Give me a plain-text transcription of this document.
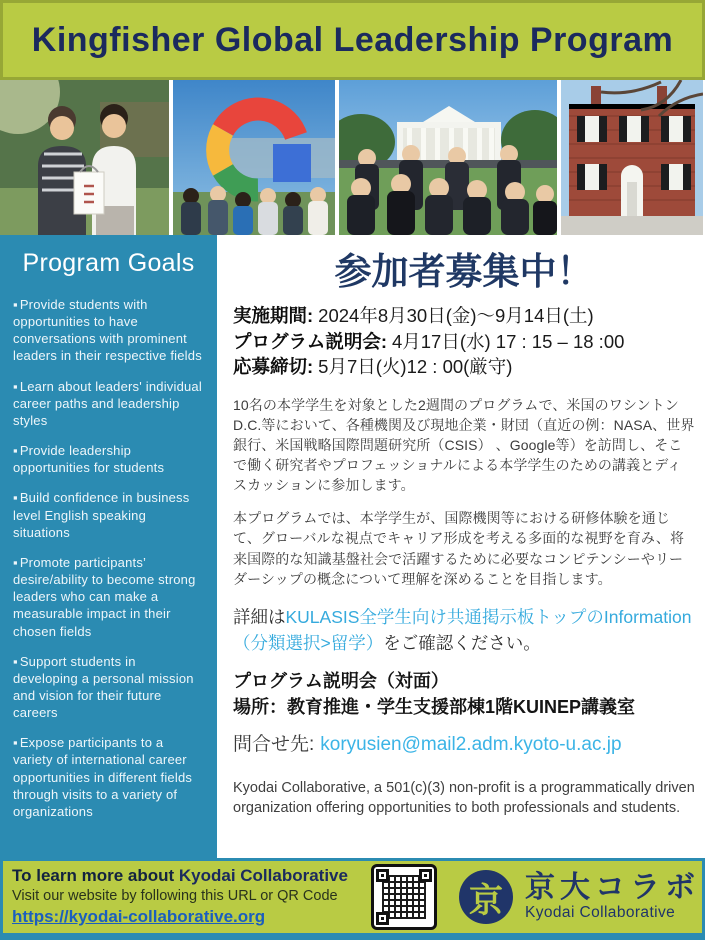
Kingfisher Global Leadership Program
Program Goals
▪ Provide students with opportunities to have conversations with prominent leaders in their respective fields
▪ Learn about leaders' individual career paths and leadership styles
▪ Provide leadership opportunities for students
▪ Build confidence in business level English speaking situations
▪ Promote participants’ desire/ability to become strong leaders who can make a measurable impact in their chosen fields
▪ Support students in developing a personal mission and vision for their future careers
▪ Expose participants to a variety of international career opportunities in different fields through visits to a variety of organizations
参加者募集中！
実施期間: 2024年8月30日(金)～9月14日(土)
プログラム説明会: 4月17日(水) 17 : 15 – 18 :00
応募締切: 5月7日(火)12 : 00(厳守)

10名の本学学生を対象とした2週間のプログラムで、米国のワシントンD.C.等において、各種機関及び現地企業・財団（直近の例：NASA、世界銀行、米国戦略国際問題研究所（CSIS） 、Google等）を訪問し、そこで働く研究者やプロフェッショナルによる本学学生のための講義とディスカッションに参加します。

本プログラムでは、本学学生が、国際機関等における研修体験を通じて、グローバルな視点でキャリア形成を考える多面的な視野を育み、将来国際的な知識基盤社会で活躍するために必要なコンピテンシーやリーダーシップの概念について理解を深めることを目指します。

詳細はKULASIS全学生向け共通掲示板トップのInformation（分類選択>留学）をご確認ください。
プログラム説明会（対面）
場所：教育推進・学生支援部棟1階KUINEP講義室
問合せ先: koryusien@mail2.adm.kyoto-u.ac.jp

Kyodai Collaborative, a 501(c)(3) non-profit is a programmatically driven organization offering opportunities to both professionals and students.

To learn more about Kyodai Collaborative
Visit our website by following this URL or QR Code
https://kyodai-collaborative.org	京 京大コラボ
Kyodai Collaborative
